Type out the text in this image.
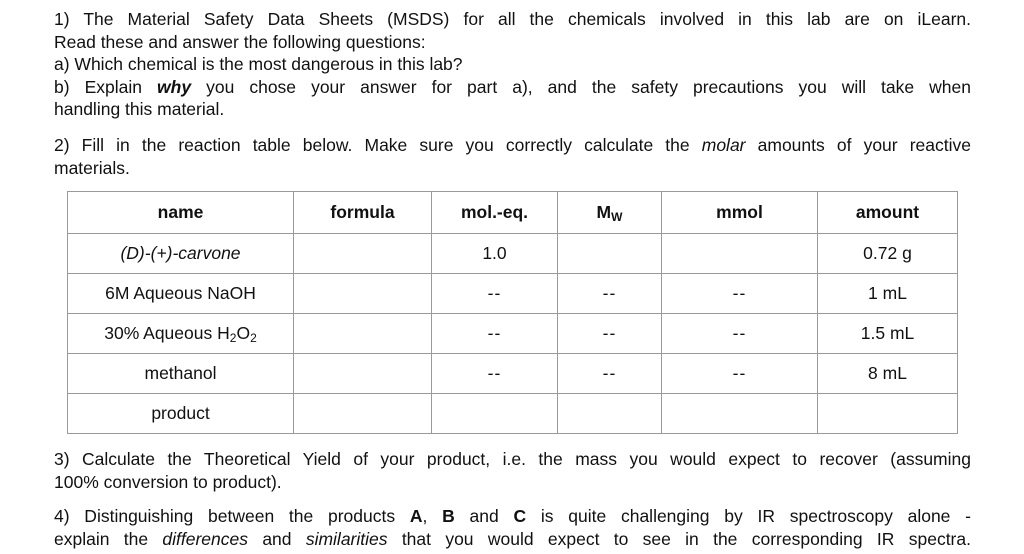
1) The Material Safety Data Sheets (MSDS) for all the chemicals involved in this lab are on iLearn.
Read these and answer the following questions:
a) Which chemical is the most dangerous in this lab?
b) Explain why you chose your answer for part a), and the safety precautions you will take when
handling this material.
2) Fill in the reaction table below. Make sure you correctly calculate the molar amounts of your reactive
materials.
name	formula	mol.-eq.	$M_W$	mmol	amount
(D)-(+)-carvone		1.0			0.72 g
6M Aqueous NaOH		--	--	--	1 mL
30% Aqueous $H_2O_2$		--	--	--	1.5 mL
methanol		--	--	--	8 mL
product					
3) Calculate the Theoretical Yield of your product, i.e. the mass you would expect to recover (assuming
100% conversion to product).
4) Distinguishing between the products A, B and C is quite challenging by IR spectroscopy alone -
explain the differences and similarities that you would expect to see in the corresponding IR spectra.
